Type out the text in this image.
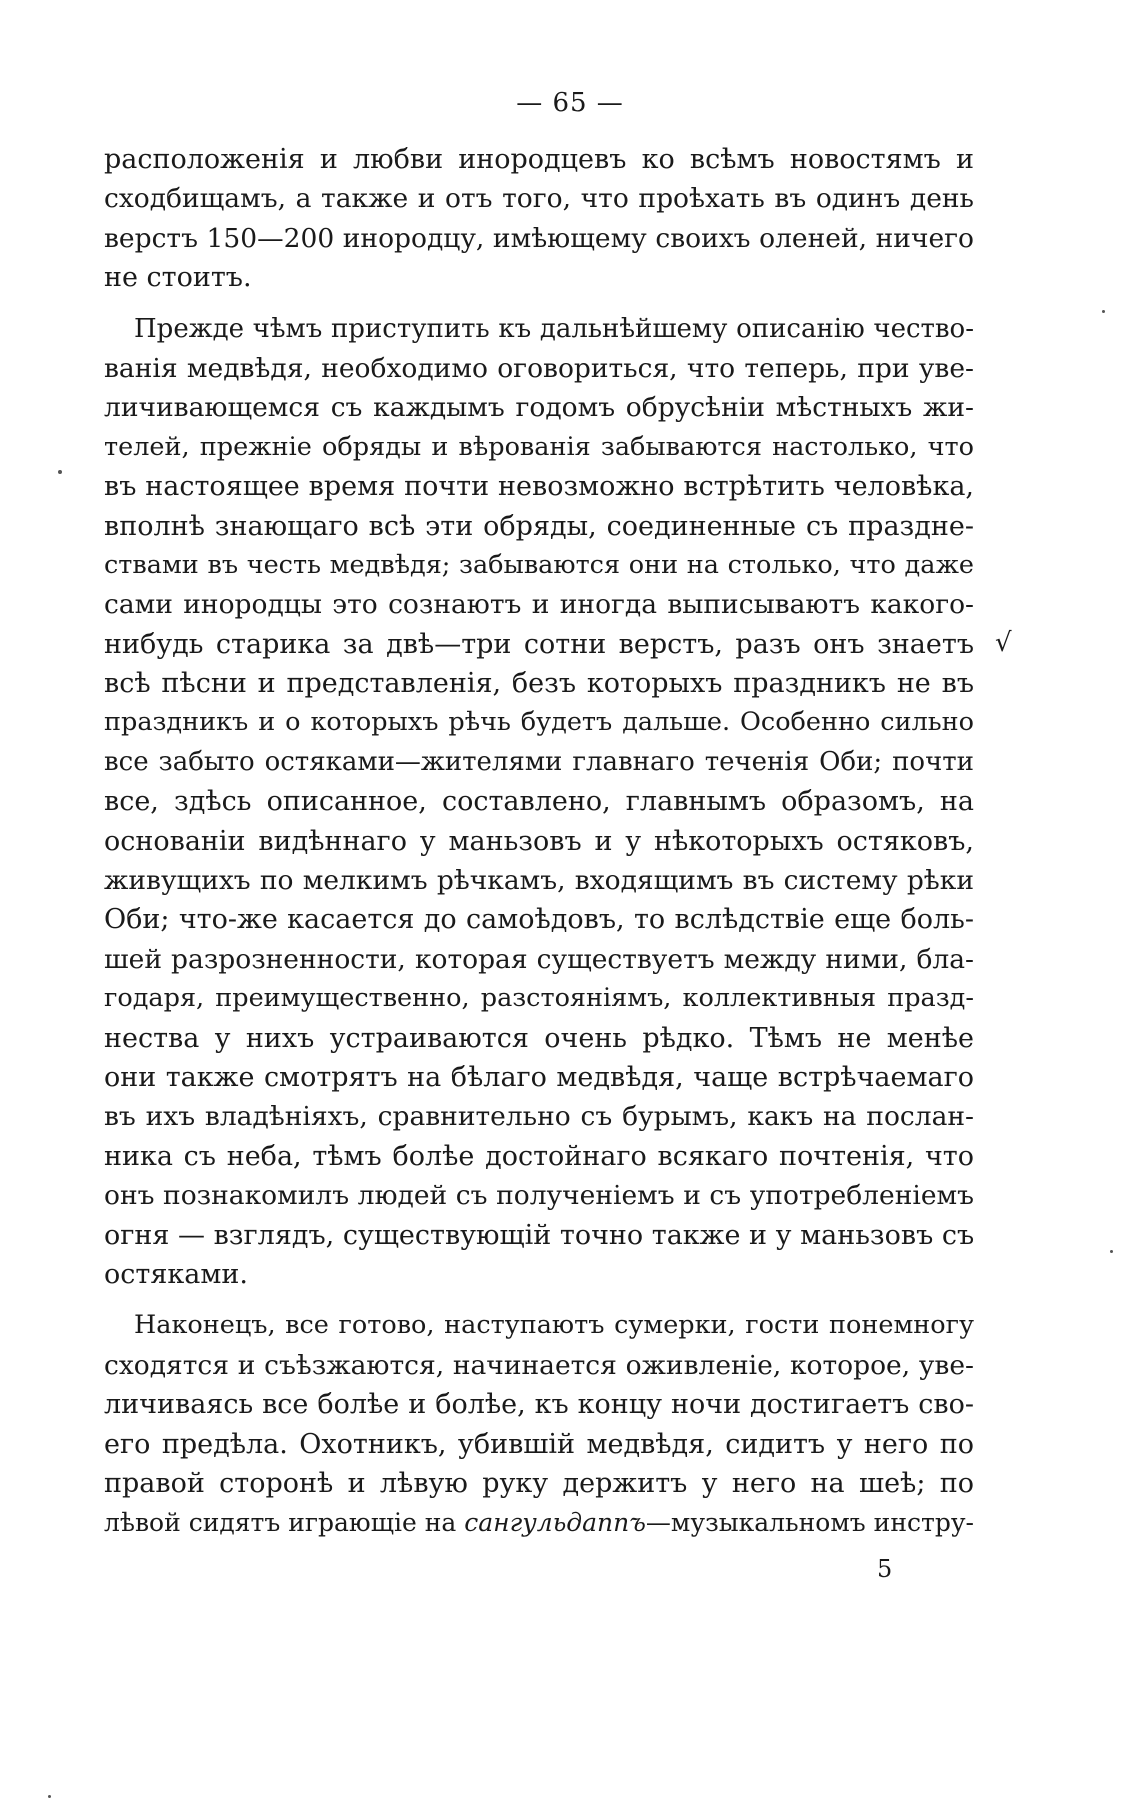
— 65 —
√
расположенія и любви инородцевъ ко всѣмъ новостямъ и
сходбищамъ, а также и отъ того, что проѣхать въ одинъ день
верстъ 150—200 инородцу, имѣющему своихъ оленей, ничего
не стоитъ.
Прежде чѣмъ приступить къ дальнѣйшему описанію чество-
ванія медвѣдя, необходимо оговориться, что теперь, при уве-
личивающемся съ каждымъ годомъ обрусѣніи мѣстныхъ жи-
телей, прежніе обряды и вѣрованія забываются настолько, что
въ настоящее время почти невозможно встрѣтить человѣка,
вполнѣ знающаго всѣ эти обряды, соединенные съ праздне-
ствами въ честь медвѣдя; забываются они на столько, что даже
сами инородцы это сознаютъ и иногда выписываютъ какого-
нибудь старика за двѣ—три сотни верстъ, разъ онъ знаетъ
всѣ пѣсни и представленія, безъ которыхъ праздникъ не въ
праздникъ и о которыхъ рѣчь будетъ дальше. Особенно сильно
все забыто остяками—жителями главнаго теченія Оби; почти
все, здѣсь описанное, составлено, главнымъ образомъ, на
основаніи видѣннаго у маньзовъ и у нѣкоторыхъ остяковъ,
живущихъ по мелкимъ рѣчкамъ, входящимъ въ систему рѣки
Оби; что-же касается до самоѣдовъ, то вслѣдствіе еще боль-
шей разрозненности, которая существуетъ между ними, бла-
годаря, преимущественно, разстояніямъ, коллективныя празд-
нества у нихъ устраиваются очень рѣдко. Тѣмъ не менѣе
они также смотрятъ на бѣлаго медвѣдя, чаще встрѣчаемаго
въ ихъ владѣніяхъ, сравнительно съ бурымъ, какъ на послан-
ника съ неба, тѣмъ болѣе достойнаго всякаго почтенія, что
онъ познакомилъ людей съ полученіемъ и съ употребленіемъ
огня — взглядъ, существующій точно также и у маньзовъ съ
остяками.
Наконецъ, все готово, наступаютъ сумерки, гости понемногу
сходятся и съѣзжаются, начинается оживленіе, которое, уве-
личиваясь все болѣе и болѣе, къ концу ночи достигаетъ сво-
его предѣла. Охотникъ, убившій медвѣдя, сидитъ у него по
правой сторонѣ и лѣвую руку держитъ у него на шеѣ; по
лѣвой сидятъ играющіе на сангульдаппъ—музыкальномъ инстру-
5
